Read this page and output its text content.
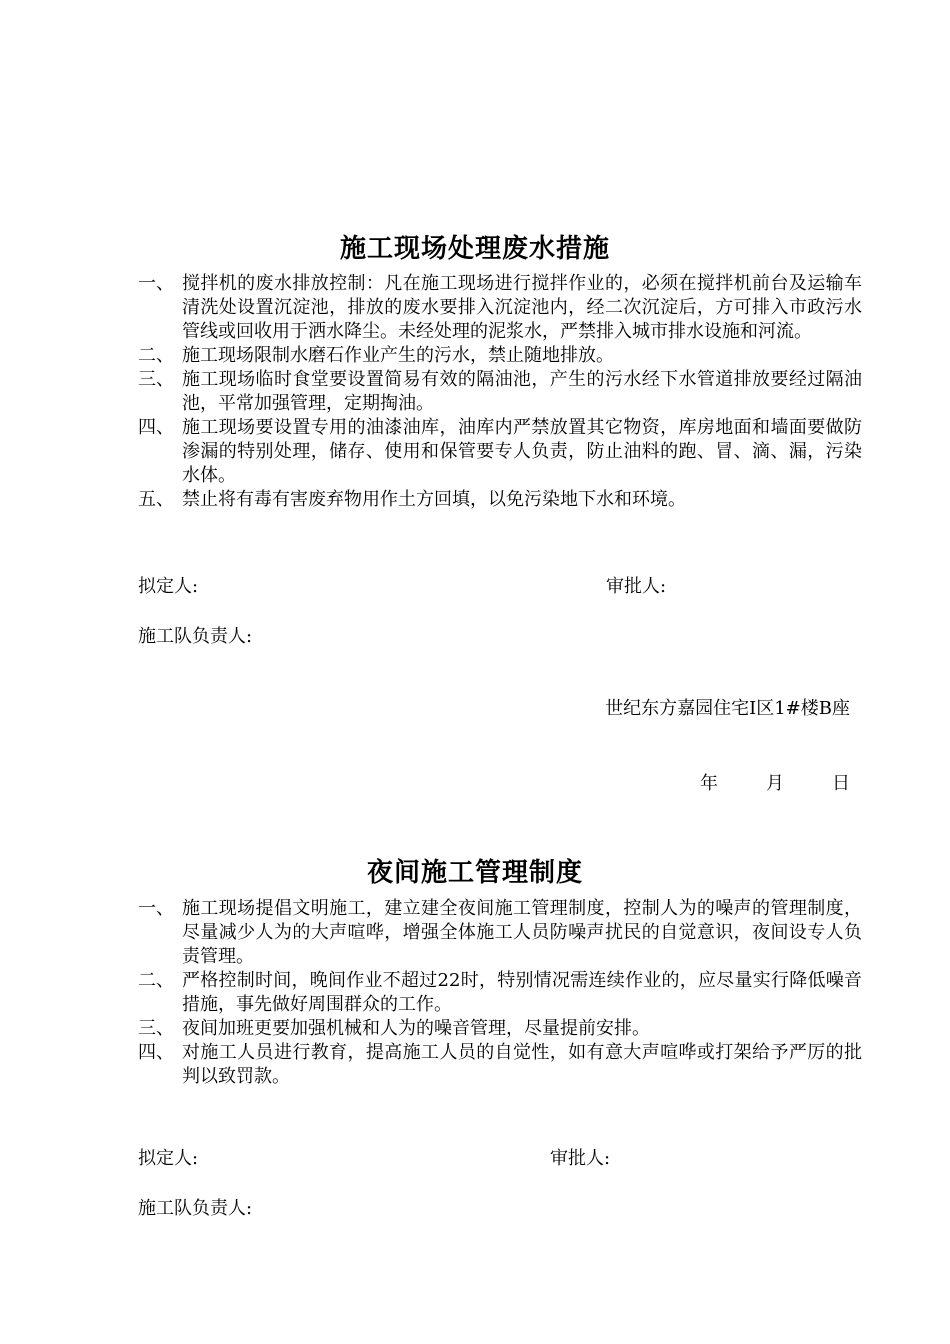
施工现场处理废水措施
一、 搅拌机的废水排放控制：凡在施工现场进行搅拌作业的，必须在搅拌机前台及运输车清洗处设置沉淀池，排放的废水要排入沉淀池内，经二次沉淀后，方可排入市政污水管线或回收用于洒水降尘。未经处理的泥浆水，严禁排入城市排水设施和河流。
二、 施工现场限制水磨石作业产生的污水，禁止随地排放。
三、 施工现场临时食堂要设置简易有效的隔油池，产生的污水经下水管道排放要经过隔油池，平常加强管理，定期掏油。
四、 施工现场要设置专用的油漆油库，油库内严禁放置其它物资，库房地面和墙面要做防渗漏的特别处理，储存、使用和保管要专人负责，防止油料的跑、冒、滴、漏，污染水体。
五、 禁止将有毒有害废弃物用作土方回填，以免污染地下水和环境。
拟定人:	审批人:
施工队负责人:
世纪东方嘉园住宅Ⅰ区1#楼B座
年	月	日
夜间施工管理制度
一、 施工现场提倡文明施工，建立建全夜间施工管理制度，控制人为的噪声的管理制度，尽量减少人为的大声喧哗，增强全体施工人员防噪声扰民的自觉意识，夜间设专人负责管理。
二、 严格控制时间，晚间作业不超过22时，特别情况需连续作业的，应尽量实行降低噪音措施，事先做好周围群众的工作。
三、 夜间加班更要加强机械和人为的噪音管理，尽量提前安排。
四、 对施工人员进行教育，提高施工人员的自觉性，如有意大声喧哗或打架给予严厉的批判以致罚款。
拟定人:	审批人:
施工队负责人:
